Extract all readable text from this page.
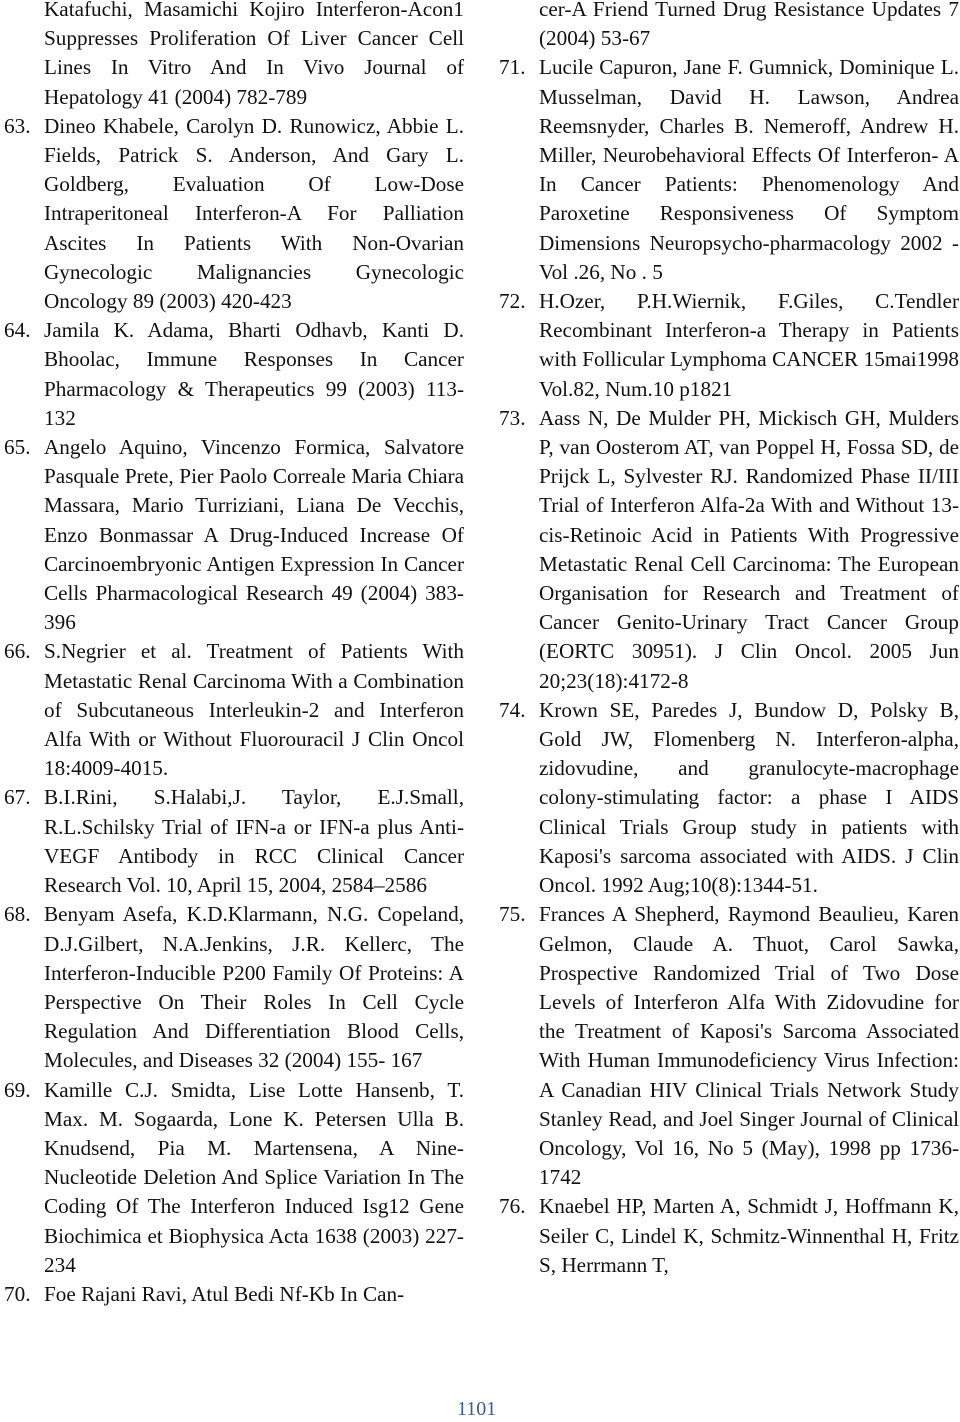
Katafuchi, Masamichi Kojiro Interferon-Acon1 Suppresses Proliferation Of Liver Cancer Cell Lines In Vitro And In Vivo Journal of Hepatology 41 (2004) 782-789
63. Dineo Khabele, Carolyn D. Runowicz, Abbie L. Fields, Patrick S. Anderson, And Gary L. Goldberg, Evaluation Of Low-Dose Intraperitoneal Interferon-A For Palliation Ascites In Patients With Non-Ovarian Gynecologic Malignancies Gynecologic Oncology 89 (2003) 420-423
64. Jamila K. Adama, Bharti Odhavb, Kanti D. Bhoolac, Immune Responses In Cancer Pharmacology & Therapeutics 99 (2003) 113- 132
65. Angelo Aquino, Vincenzo Formica, Salvatore Pasquale Prete, Pier Paolo Correale Maria Chiara Massara, Mario Turriziani, Liana De Vecchis, Enzo Bonmassar A Drug-Induced Increase Of Carcinoembryonic Antigen Expression In Cancer Cells Pharmacological Research 49 (2004) 383-396
66. S.Negrier et al. Treatment of Patients With Metastatic Renal Carcinoma With a Combination of Subcutaneous Interleukin-2 and Interferon Alfa With or Without Fluorouracil J Clin Oncol 18:4009-4015.
67. B.I.Rini, S.Halabi,J. Taylor, E.J.Small, R.L.Schilsky Trial of IFN-a or IFN-a plus Anti-VEGF Antibody in RCC Clinical Cancer Research Vol. 10, April 15, 2004, 2584–2586
68. Benyam Asefa, K.D.Klarmann, N.G. Copeland, D.J.Gilbert, N.A.Jenkins, J.R. Kellerc, The Interferon-Inducible P200 Family Of Proteins: A Perspective On Their Roles In Cell Cycle Regulation And Differentiation Blood Cells, Molecules, and Diseases 32 (2004) 155- 167
69. Kamille C.J. Smidta, Lise Lotte Hansenb, T. Max. M. Sogaarda, Lone K. Petersen Ulla B. Knudsend, Pia M. Martensena, A Nine-Nucleotide Deletion And Splice Variation In The Coding Of The Interferon Induced Isg12 Gene Biochimica et Biophysica Acta 1638 (2003) 227- 234
70. Foe Rajani Ravi, Atul Bedi Nf-Kb In Can-
cer-A Friend Turned Drug Resistance Updates 7 (2004) 53-67
71. Lucile Capuron, Jane F. Gumnick, Dominique L. Musselman, David H. Lawson, Andrea Reemsnyder, Charles B. Nemeroff, Andrew H. Miller, Neurobehavioral Effects Of Interferon- A In Cancer Patients: Phenomenology And Paroxetine Responsiveness Of Symptom Dimensions Neuropsycho-pharmacology 2002 - Vol .26, No . 5
72. H.Ozer, P.H.Wiernik, F.Giles, C.Tendler Recombinant Interferon-a Therapy in Patients with Follicular Lymphoma CANCER 15mai1998 Vol.82, Num.10 p1821
73. Aass N, De Mulder PH, Mickisch GH, Mulders P, van Oosterom AT, van Poppel H, Fossa SD, de Prijck L, Sylvester RJ. Randomized Phase II/III Trial of Interferon Alfa-2a With and Without 13-cis-Retinoic Acid in Patients With Progressive Metastatic Renal Cell Carcinoma: The European Organisation for Research and Treatment of Cancer Genito-Urinary Tract Cancer Group (EORTC 30951). J Clin Oncol. 2005 Jun 20;23(18):4172-8
74. Krown SE, Paredes J, Bundow D, Polsky B, Gold JW, Flomenberg N. Interferon-alpha, zidovudine, and granulocyte-macrophage colony-stimulating factor: a phase I AIDS Clinical Trials Group study in patients with Kaposi's sarcoma associated with AIDS. J Clin Oncol. 1992 Aug;10(8):1344-51.
75. Frances A Shepherd, Raymond Beaulieu, Karen Gelmon, Claude A. Thuot, Carol Sawka, Prospective Randomized Trial of Two Dose Levels of Interferon Alfa With Zidovudine for the Treatment of Kaposi's Sarcoma Associated With Human Immunodeficiency Virus Infection: A Canadian HIV Clinical Trials Network Study Stanley Read, and Joel Singer Journal of Clinical Oncology, Vol 16, No 5 (May), 1998 pp 1736-1742
76. Knaebel HP, Marten A, Schmidt J, Hoffmann K, Seiler C, Lindel K, Schmitz-Winnenthal H, Fritz S, Herrmann T,
1101
